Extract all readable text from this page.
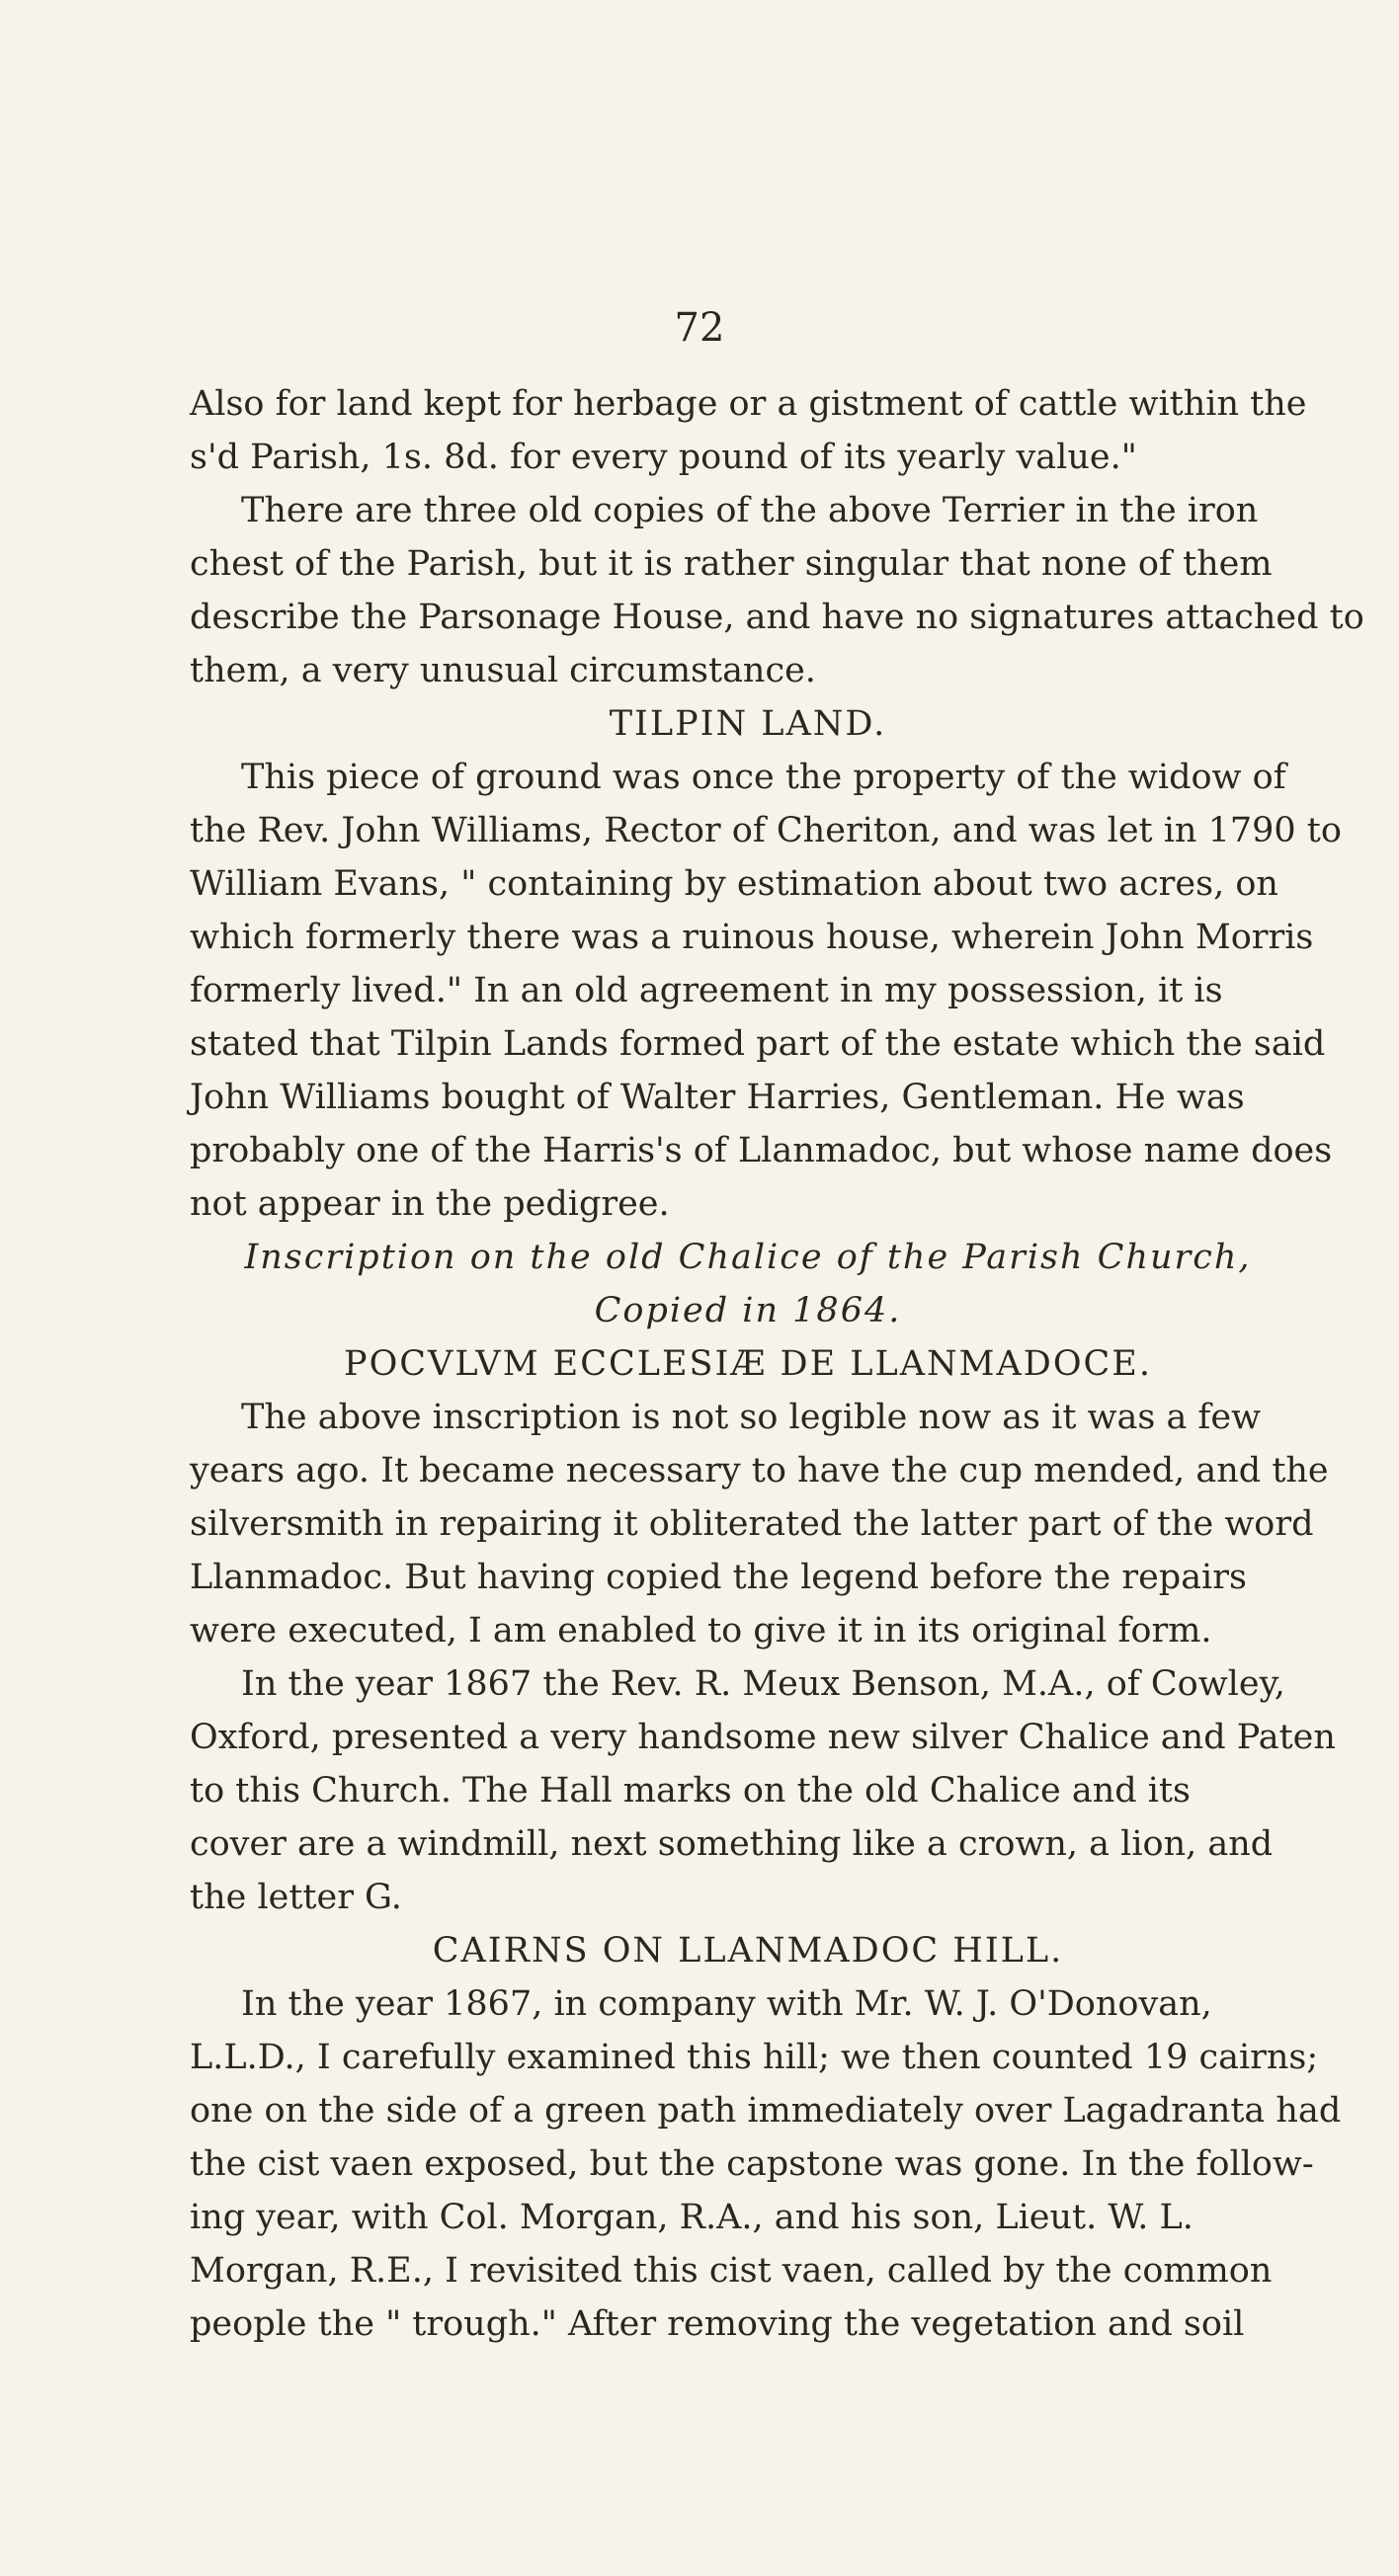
72
Also for land kept for herbage or a gistment of cattle within the
s'd Parish, 1s. 8d. for every pound of its yearly value."
There are three old copies of the above Terrier in the iron
chest of the Parish, but it is rather singular that none of them
describe the Parsonage House, and have no signatures attached to
them, a very unusual circumstance.
TILPIN LAND.
This piece of ground was once the property of the widow of
the Rev. John Williams, Rector of Cheriton, and was let in 1790 to
William Evans, " containing by estimation about two acres, on
which formerly there was a ruinous house, wherein John Morris
formerly lived." In an old agreement in my possession, it is
stated that Tilpin Lands formed part of the estate which the said
John Williams bought of Walter Harries, Gentleman. He was
probably one of the Harris's of Llanmadoc, but whose name does
not appear in the pedigree.
Inscription on the old Chalice of the Parish Church,
Copied in 1864.
POCVLVM ECCLESIÆ DE LLANMADOCE.
The above inscription is not so legible now as it was a few
years ago. It became necessary to have the cup mended, and the
silversmith in repairing it obliterated the latter part of the word
Llanmadoc. But having copied the legend before the repairs
were executed, I am enabled to give it in its original form.
In the year 1867 the Rev. R. Meux Benson, M.A., of Cowley,
Oxford, presented a very handsome new silver Chalice and Paten
to this Church. The Hall marks on the old Chalice and its
cover are a windmill, next something like a crown, a lion, and
the letter G.
CAIRNS ON LLANMADOC HILL.
In the year 1867, in company with Mr. W. J. O'Donovan,
L.L.D., I carefully examined this hill; we then counted 19 cairns;
one on the side of a green path immediately over Lagadranta had
the cist vaen exposed, but the capstone was gone. In the follow-
ing year, with Col. Morgan, R.A., and his son, Lieut. W. L.
Morgan, R.E., I revisited this cist vaen, called by the common
people the " trough." After removing the vegetation and soil
